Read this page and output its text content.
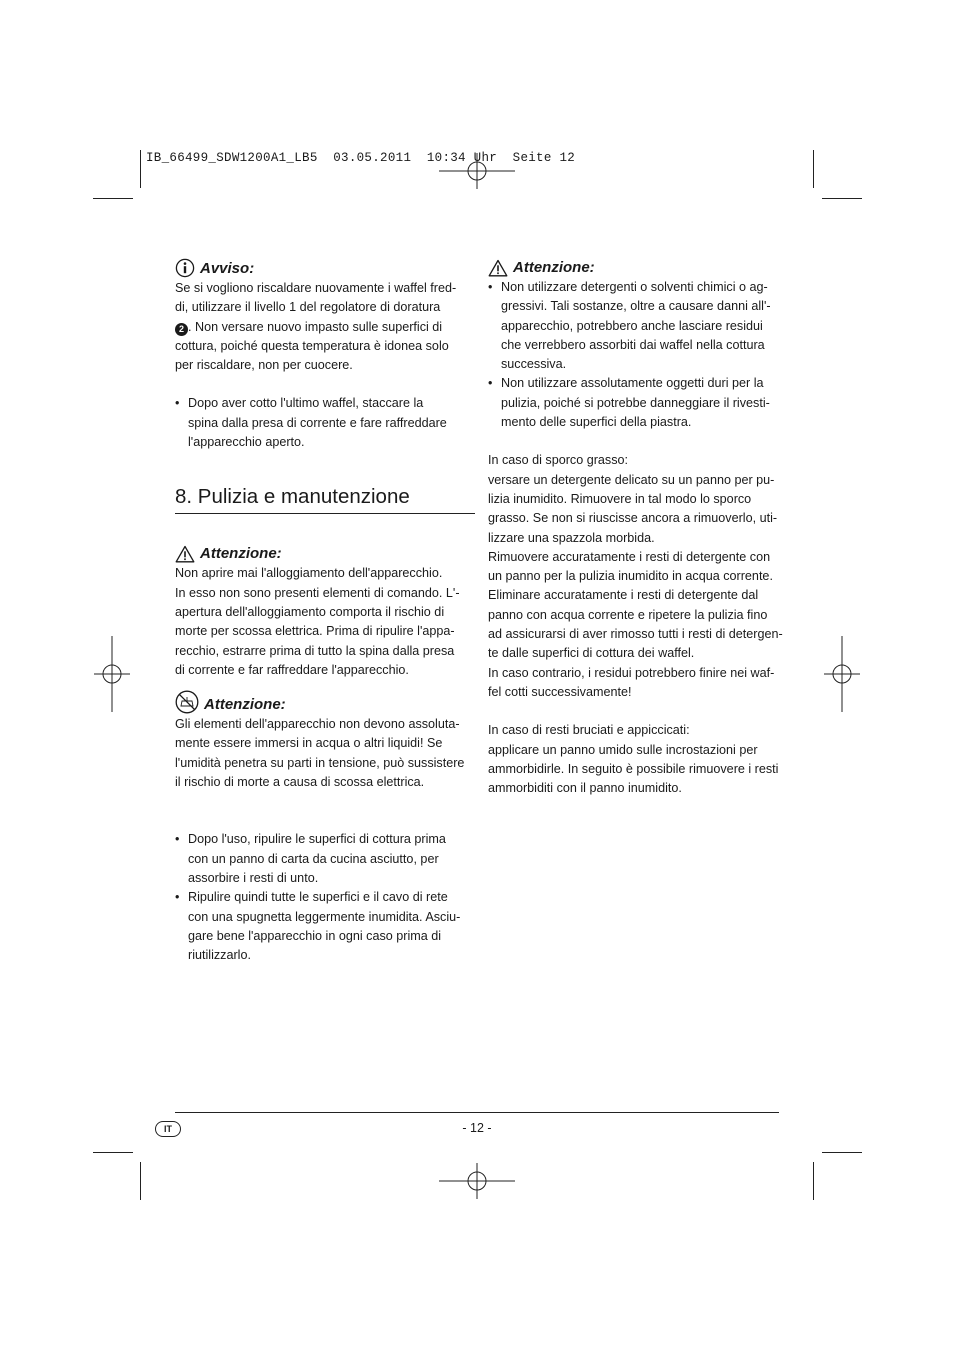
IB_66499_SDW1200A1_LB5  03.05.2011  10:34 Uhr  Seite 12
Avviso:
Se si vogliono riscaldare nuovamente i waffel fred-
di, utilizzare il livello 1 del regolatore di doratura
2 . Non versare nuovo impasto sulle superfici di
cottura, poiché questa temperatura è idonea solo
per riscaldare, non per cuocere.
• Dopo aver cotto l'ultimo waffel, staccare la
spina dalla presa di corrente e fare raffreddare
l'apparecchio aperto.
8. Pulizia e manutenzione
Attenzione:
Non aprire mai l'alloggiamento dell'apparecchio.
In esso non sono presenti elementi di comando. L'-
apertura dell'alloggiamento comporta il rischio di
morte per scossa elettrica. Prima di ripulire l'appa-
recchio, estrarre prima di tutto la spina dalla presa
di corrente e far raffreddare l'apparecchio.
Attenzione:
Gli elementi dell'apparecchio non devono assoluta-
mente essere immersi in acqua o altri liquidi! Se
l'umidità penetra su parti in tensione, può sussistere
il rischio di morte a causa di scossa elettrica.
• Dopo l'uso, ripulire le superfici di cottura prima
con un panno di carta da cucina asciutto, per
assorbire i resti di unto.
• Ripulire quindi tutte le superfici e il cavo di rete
con una spugnetta leggermente inumidita. Asciu-
gare bene l'apparecchio in ogni caso prima di
riutilizzarlo.
Attenzione:
• Non utilizzare detergenti o solventi chimici o ag-
gressivi. Tali sostanze, oltre a causare danni all'-
apparecchio, potrebbero anche lasciare residui
che verrebbero assorbiti dai waffel nella cottura
successiva.
• Non utilizzare assolutamente oggetti duri per la
pulizia, poiché si potrebbe danneggiare il rivesti-
mento delle superfici della piastra.
In caso di sporco grasso:
versare un detergente delicato su un panno per pu-
lizia inumidito. Rimuovere in tal modo lo sporco
grasso. Se non si riuscisse ancora a rimuoverlo, uti-
lizzare una spazzola morbida.
Rimuovere accuratamente i resti di detergente con
un panno per la pulizia inumidito in acqua corrente.
Eliminare accuratamente i resti di detergente dal
panno con acqua corrente e ripetere la pulizia fino
ad assicurarsi di aver rimosso tutti i resti di detergen-
te dalle superfici di cottura dei waffel.
In caso contrario, i residui potrebbero finire nei waf-
fel cotti successivamente!
In caso di resti bruciati e appiccicati:
applicare un panno umido sulle incrostazioni per
ammorbidirle. In seguito è possibile rimuovere i resti
ammorbiditi con il panno inumidito.
IT	- 12 -
